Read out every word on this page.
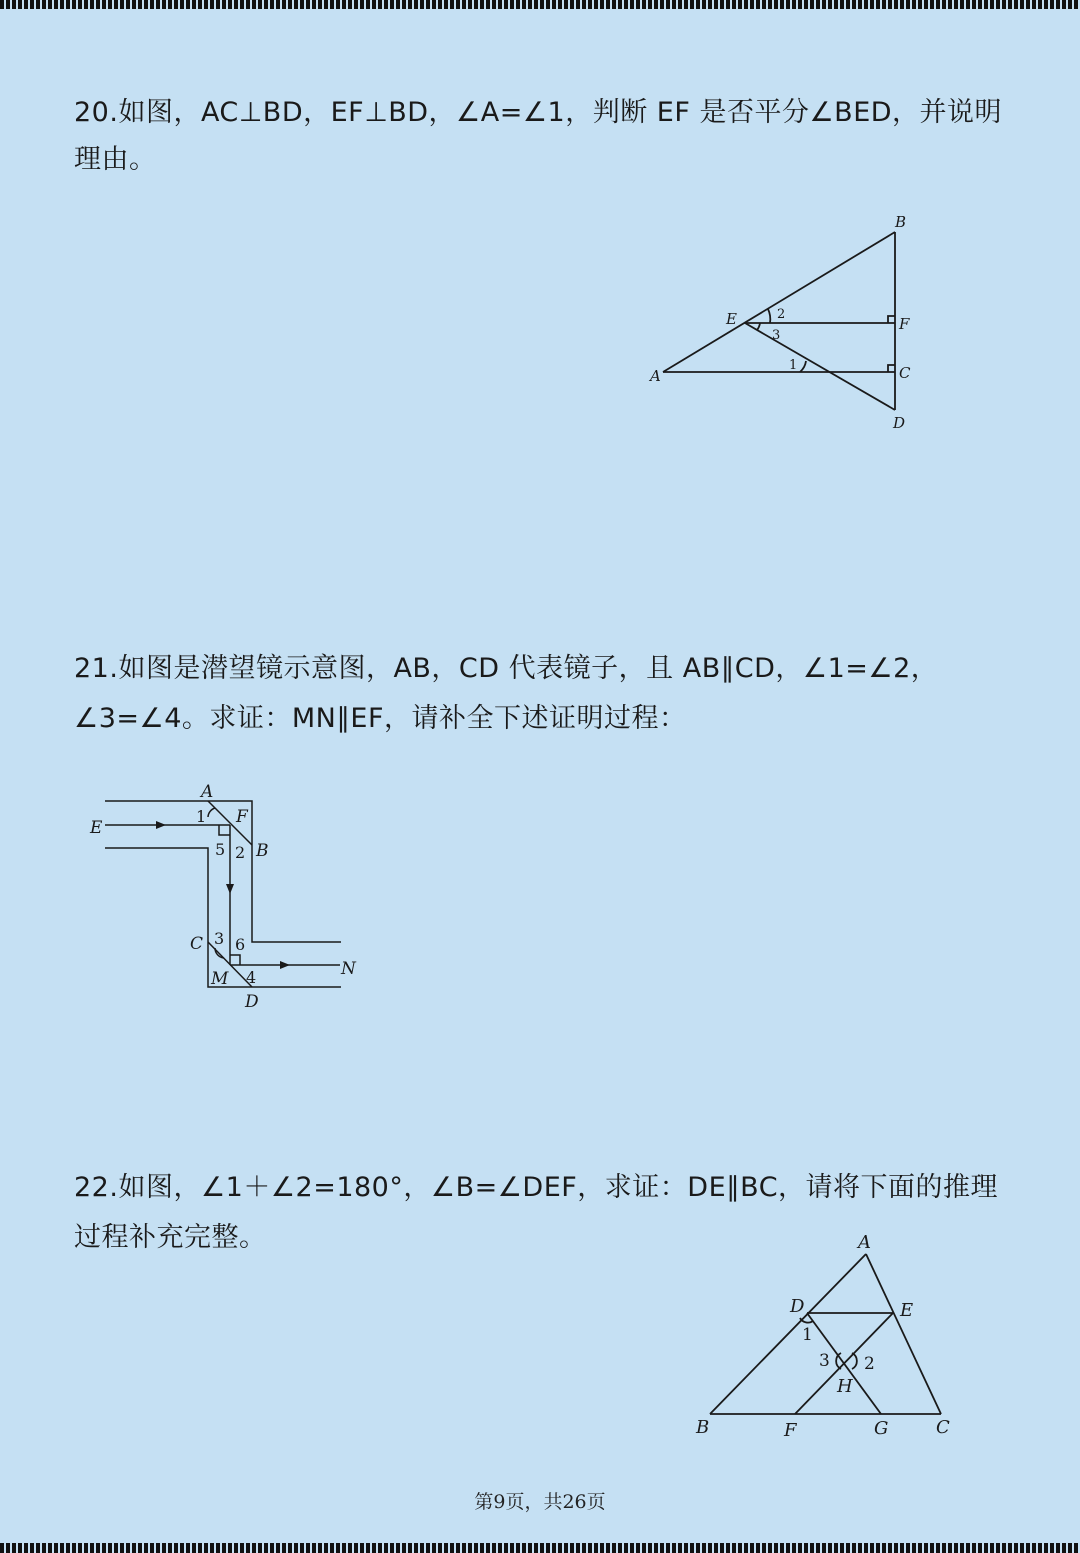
20.如图，AC⊥BD，EF⊥BD，∠A=∠1，判断 EF 是否平分∠BED，并说明理由。

B
E	F
A	C
D
2
3
1

21.如图是潜望镜示意图，AB，CD 代表镜子，且 AB∥CD，∠1=∠2，∠3=∠4。求证：MN∥EF，请补全下述证明过程：

A
F
B
E
C
M	N
D
1
5 2
3 6
4

22.如图，∠1＋∠2=180°，∠B=∠DEF，求证：DE∥BC，请将下面的推理过程补充完整。	A
D	E
H
B	F	G	C
1
3 2
第9页，共26页
